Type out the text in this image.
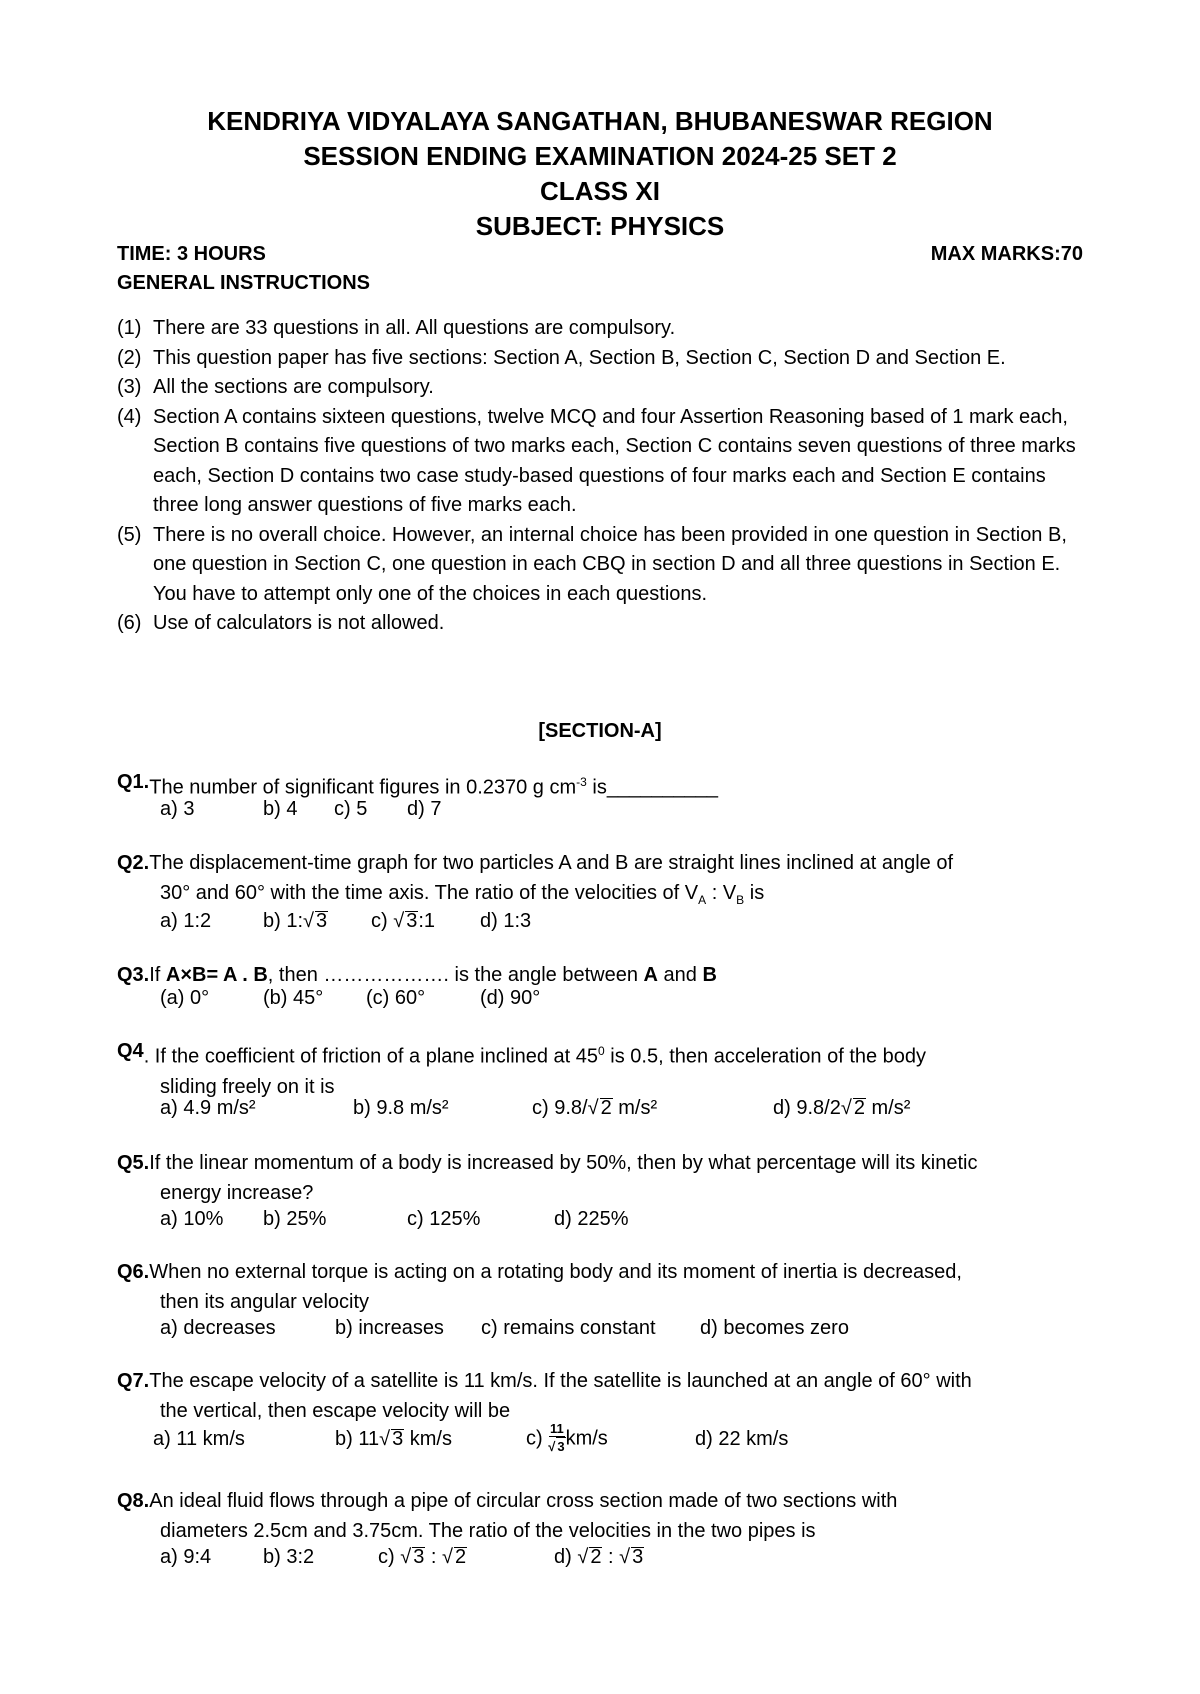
KENDRIYA VIDYALAYA SANGATHAN, BHUBANESWAR REGION
SESSION ENDING EXAMINATION 2024-25 SET 2
CLASS XI
SUBJECT: PHYSICS
TIME: 3 HOURS	MAX MARKS:70
GENERAL INSTRUCTIONS
(1) There are 33 questions in all. All questions are compulsory.
(2) This question paper has five sections: Section A, Section B, Section C, Section D and Section E.
(3) All the sections are compulsory.
(4) Section A contains sixteen questions, twelve MCQ and four Assertion Reasoning based of 1 mark each, Section B contains five questions of two marks each, Section C contains seven questions of three marks each, Section D contains two case study-based questions of four marks each and Section E contains three long answer questions of five marks each.
(5) There is no overall choice. However, an internal choice has been provided in one question in Section B, one question in Section C, one question in each CBQ in section D and all three questions in Section E. You have to attempt only one of the choices in each questions.
(6) Use of calculators is not allowed.
[SECTION-A]
Q1. The number of significant figures in 0.2370 g $cm^{-3}$ is__________
a) 3	b) 4 c) 5 d) 7
Q2. The displacement-time graph for two particles A and B are straight lines inclined at angle of
30° and 60° with the time axis. The ratio of the velocities of $V_A$ : $V_B$ is
a) 1:2	b) 1:√ 3 c) √ 3:1 d) 1:3
Q3. If A×B= A . B, then ………………. is the angle between A and B
(a) 0°	(b) 45° (c) 60°	(d) 90°
Q4 . If the coefficient of friction of a plane inclined at $45^0$ is 0.5, then acceleration of the body
sliding freely on it is
a) 4.9 m/s²	b) 9.8 m/s²	c) 9.8/√ 2 m/s²	d) 9.8/2√ 2 m/s²
Q5. If the linear momentum of a body is increased by 50%, then by what percentage will its kinetic
energy increase?
a) 10% b) 25%	c) 125%	d) 225%
Q6. When no external torque is acting on a rotating body and its moment of inertia is decreased,
then its angular velocity
a) decreases	b) increases c) remains constant d) becomes zero
Q7. The escape velocity of a satellite is 11 km/s. If the satellite is launched at an angle of 60° with
the vertical, then escape velocity will be
a) 11 km/s	b) 11√ 3 km/s	$c) \frac{11}{√ 3} km/s$	d) 22 km/s
Q8. An ideal fluid flows through a pipe of circular cross section made of two sections with
diameters 2.5cm and 3.75cm. The ratio of the velocities in the two pipes is
a) 9:4	b) 3:2	c) √ 3 : √ 2	d) √ 2 : √ 3
